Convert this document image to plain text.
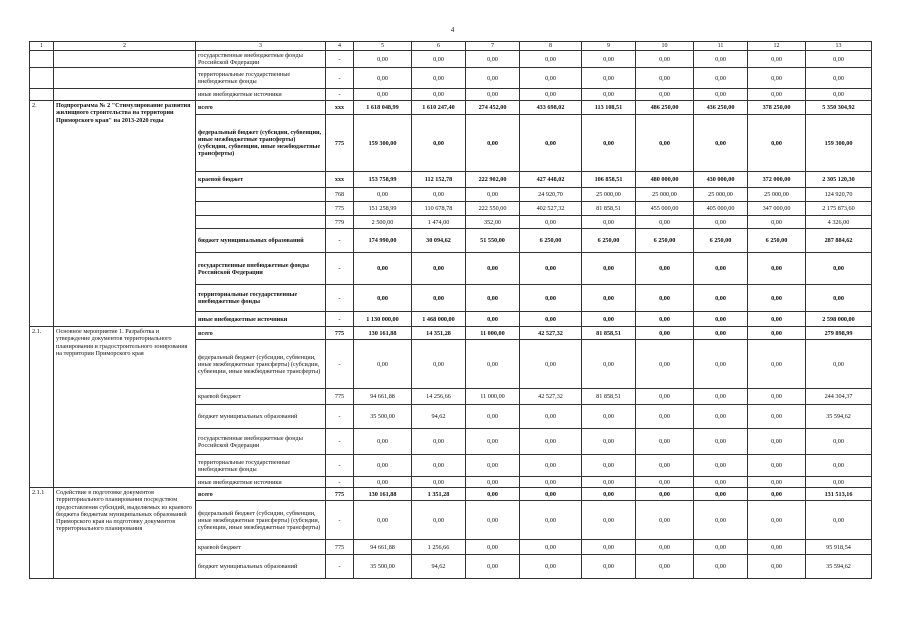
4
1	2	3	4	5	6	7	8	9	10	11	12	13
		государственные внебюджетные фонды Российской Федерации	-	0,00	0,00	0,00	0,00	0,00	0,00	0,00	0,00	0,00
		территориальные государственные внебюджетные фонды	-	0,00	0,00	0,00	0,00	0,00	0,00	0,00	0,00	0,00
		иные внебюджетные источники	-	0,00	0,00	0,00	0,00	0,00	0,00	0,00	0,00	0,00
2.	Подпрограмма № 2 "Стимулирование развития жилищного строительства на территории Приморского края" на 2013-2020 годы	всего	xxx	1 618 048,99	1 610 247,40	274 452,00	433 698,02	113 108,51	486 250,00	436 250,00	378 250,00	5 350 304,92
		федеральный бюджет (субсидии, субвенции, иные межбюджетные трансферты) (субсидии, субвенции, иные межбюджетные трансферты)	775	159 300,00	0,00	0,00	0,00	0,00	0,00	0,00	0,00	159 300,00
		краевой бюджет	xxx	153 758,99	112 152,78	222 902,00	427 448,02	106 858,51	480 000,00	430 000,00	372 000,00	2 305 120,30
			768	0,00	0,00	0,00	24 920,70	25 000,00	25 000,00	25 000,00	25 000,00	124 920,70
			775	151 258,99	110 678,78	222 550,00	402 527,32	81 858,51	455 000,00	405 000,00	347 000,00	2 175 873,60
			779	2 500,00	1 474,00	352,00	0,00	0,00	0,00	0,00	0,00	4 326,00
		бюджет муниципальных образований	-	174 990,00	30 094,62	51 550,00	6 250,00	6 250,00	6 250,00	6 250,00	6 250,00	287 884,62
		государственные внебюджетные фонды Российской Федерации	-	0,00	0,00	0,00	0,00	0,00	0,00	0,00	0,00	0,00
		территориальные государственные внебюджетные фонды	-	0,00	0,00	0,00	0,00	0,00	0,00	0,00	0,00	0,00
		иные внебюджетные источники	-	1 130 000,00	1 468 000,00	0,00	0,00	0,00	0,00	0,00	0,00	2 598 000,00
2.1.	Основное мероприятие 1. Разработка и утверждение документов территориального планирования и градостроительного зонирования на территории Приморского края	всего	775	130 161,88	14 351,28	11 000,00	42 527,32	81 858,51	0,00	0,00	0,00	279 898,99
		федеральный бюджет (субсидии, субвенции, иные межбюджетные трансферты) (субсидии, субвенции, иные межбюджетные трансферты)	-	0,00	0,00	0,00	0,00	0,00	0,00	0,00	0,00	0,00
		краевой бюджет	775	94 661,88	14 256,66	11 000,00	42 527,32	81 858,51	0,00	0,00	0,00	244 304,37
		бюджет муниципальных образований	-	35 500,00	94,62	0,00	0,00	0,00	0,00	0,00	0,00	35 594,62
		государственные внебюджетные фонды Российской Федерации	-	0,00	0,00	0,00	0,00	0,00	0,00	0,00	0,00	0,00
		территориальные государственные внебюджетные фонды	-	0,00	0,00	0,00	0,00	0,00	0,00	0,00	0,00	0,00
		иные внебюджетные источники	-	0,00	0,00	0,00	0,00	0,00	0,00	0,00	0,00	0,00
2.1.1	Содействие в подготовке документов территориального планирования посредством предоставления субсидий, выделяемых из краевого бюджета бюджетам муниципальных образований Приморского края на подготовку документов территориального планирования	всего	775	130 161,88	1 351,28	0,00	0,00	0,00	0,00	0,00	0,00	131 513,16
		федеральный бюджет (субсидии, субвенции, иные межбюджетные трансферты) (субсидии, субвенции, иные межбюджетные трансферты)	-	0,00	0,00	0,00	0,00	0,00	0,00	0,00	0,00	0,00
		краевой бюджет	775	94 661,88	1 256,66	0,00	0,00	0,00	0,00	0,00	0,00	95 918,54
		бюджет муниципальных образований	-	35 500,00	94,62	0,00	0,00	0,00	0,00	0,00	0,00	35 594,62
